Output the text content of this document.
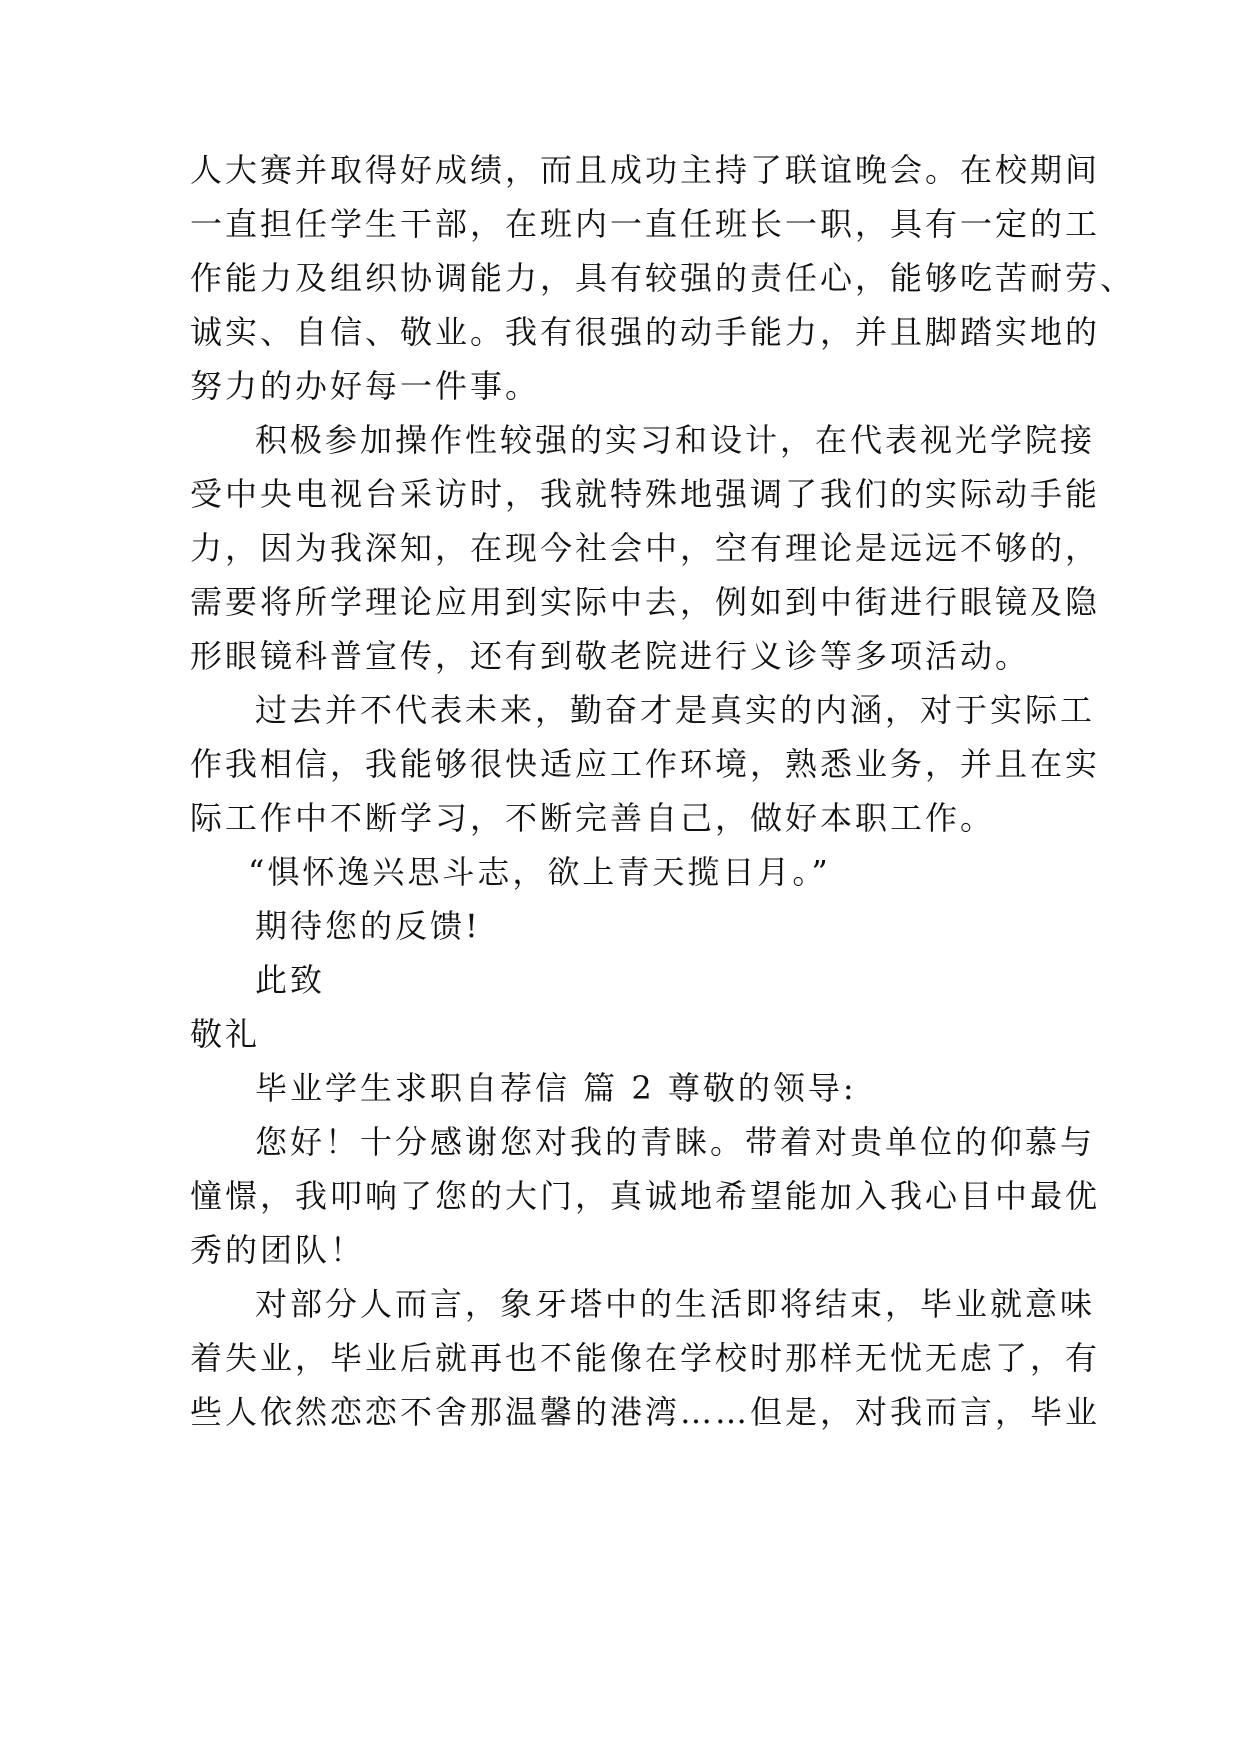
人大赛并取得好成绩，而且成功主持了联谊晚会。在校期间
一直担任学生干部，在班内一直任班长一职，具有一定的工
作能力及组织协调能力，具有较强的责任心，能够吃苦耐劳、
诚实、自信、敬业。我有很强的动手能力，并且脚踏实地的
努力的办好每一件事。
积极参加操作性较强的实习和设计，在代表视光学院接
受中央电视台采访时，我就特殊地强调了我们的实际动手能
力，因为我深知，在现今社会中，空有理论是远远不够的，
需要将所学理论应用到实际中去，例如到中街进行眼镜及隐
形眼镜科普宣传，还有到敬老院进行义诊等多项活动。
过去并不代表未来，勤奋才是真实的内涵，对于实际工
作我相信，我能够很快适应工作环境，熟悉业务，并且在实
际工作中不断学习，不断完善自己，做好本职工作。
“惧怀逸兴思斗志，欲上青天揽日月。”
期待您的反馈!
此致
敬礼
毕业学生求职自荐信 篇 2 尊敬的领导:
您好！十分感谢您对我的青睐。带着对贵单位的仰慕与
憧憬，我叩响了您的大门，真诚地希望能加入我心目中最优
秀的团队！
对部分人而言，象牙塔中的生活即将结束，毕业就意味
着失业，毕业后就再也不能像在学校时那样无忧无虑了，有
些人依然恋恋不舍那温馨的港湾……但是，对我而言，毕业
